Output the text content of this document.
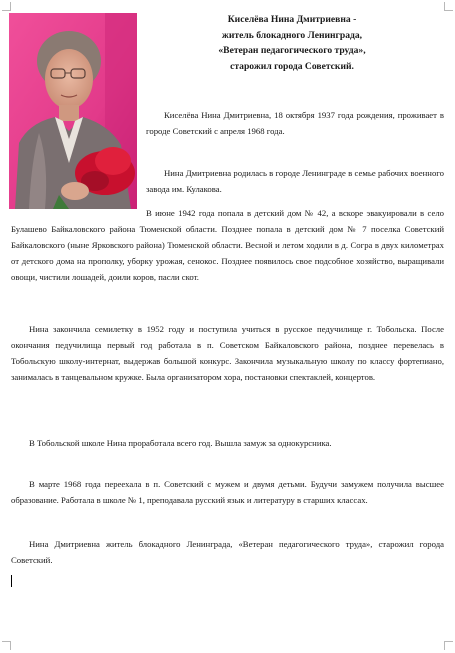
Киселёва Нина Дмитриевна -
житель блокадного Ленинграда,
«Ветеран педагогического труда»,
старожил города Советский.

Киселёва Нина Дмитриевна, 18 октября 1937 года рождения, проживает в городе Советский с апреля 1968 года.

Нина Дмитриевна родилась в городе Ленинграде в семье рабочих военного завода им. Кулакова.

В июне 1942 года попала в детский дом № 42, а вскоре эвакуировали в село Булашево Байкаловского района Тюменской области. Позднее попала в детский дом № 7 поселка Советский Байкаловского (ныне Ярковского района) Тюменской области. Весной и летом ходили в д. Согра в двух километрах от детского дома на прополку, уборку урожая, сенокос. Позднее появилось свое подсобное хозяйство, выращивали овощи, чистили лошадей, доили коров, пасли скот.

Нина закончила семилетку в 1952 году и поступила учиться в русское педучилище г. Тобольска. После окончания педучилища первый год работала в п. Советском Байкаловского района, позднее перевелась в Тобольскую школу-интернат, выдержав большой конкурс. Закончила музыкальную школу по классу фортепиано, занималась в танцевальном кружке. Была организатором хора, постановки спектаклей, концертов.

В Тобольской школе Нина проработала всего год. Вышла замуж за однокурсника.

В марте 1968 года переехала в п. Советский с мужем и двумя детьми. Будучи замужем получила высшее образование. Работала в школе № 1, преподавала русский язык и литературу в старших классах.

Нина Дмитриевна житель блокадного Ленинграда, «Ветеран педагогического труда», старожил города Советский.
